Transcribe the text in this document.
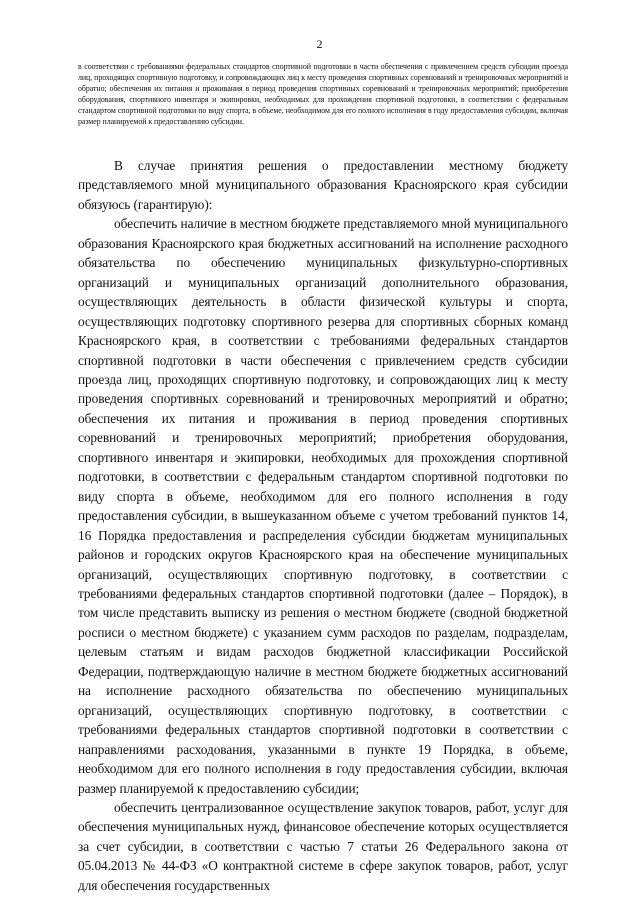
2
в соответствии с требованиями федеральных стандартов спортивной подготовки в части обеспечения с привлечением средств субсидии проезда лиц, проходящих спортивную подготовку, и сопровождающих лиц к месту проведения спортивных соревнований и тренировочных мероприятий и обратно; обеспечения их питания и проживания в период проведения спортивных соревнований и тренировочных мероприятий; приобретения оборудования, спортивного инвентаря и экипировки, необходимых для прохождения спортивной подготовки, в соответствии с федеральным стандартом спортивной подготовки по виду спорта, в объеме, необходимом для его полного исполнения в году предоставления субсидии, включая размер планируемой к предоставлению субсидии.

В случае принятия решения о предоставлении местному бюджету представляемого мной муниципального образования Красноярского края субсидии обязуюсь (гарантирую):

обеспечить наличие в местном бюджете представляемого мной муниципального образования Красноярского края бюджетных ассигнований на исполнение расходного обязательства по обеспечению муниципальных физкультурно-спортивных организаций и муниципальных организаций дополнительного образования, осуществляющих деятельность в области физической культуры и спорта, осуществляющих подготовку спортивного резерва для спортивных сборных команд Красноярского края, в соответствии с требованиями федеральных стандартов спортивной подготовки в части обеспечения с привлечением средств субсидии проезда лиц, проходящих спортивную подготовку, и сопровождающих лиц к месту проведения спортивных соревнований и тренировочных мероприятий и обратно; обеспечения их питания и проживания в период проведения спортивных соревнований и тренировочных мероприятий; приобретения оборудования, спортивного инвентаря и экипировки, необходимых для прохождения спортивной подготовки, в соответствии с федеральным стандартом спортивной подготовки по виду спорта в объеме, необходимом для его полного исполнения в году предоставления субсидии, в вышеуказанном объеме с учетом требований пунктов 14, 16 Порядка предоставления и распределения субсидии бюджетам муниципальных районов и городских округов Красноярского края на обеспечение муниципальных организаций, осуществляющих спортивную подготовку, в соответствии с требованиями федеральных стандартов спортивной подготовки (далее – Порядок), в том числе представить выписку из решения о местном бюджете (сводной бюджетной росписи о местном бюджете) с указанием сумм расходов по разделам, подразделам, целевым статьям и видам расходов бюджетной классификации Российской Федерации, подтверждающую наличие в местном бюджете бюджетных ассигнований на исполнение расходного обязательства по обеспечению муниципальных организаций, осуществляющих спортивную подготовку, в соответствии с требованиями федеральных стандартов спортивной подготовки в соответствии с направлениями расходования, указанными в пункте 19 Порядка, в объеме, необходимом для его полного исполнения в году предоставления субсидии, включая размер планируемой к предоставлению субсидии;

обеспечить централизованное осуществление закупок товаров, работ, услуг для обеспечения муниципальных нужд, финансовое обеспечение которых осуществляется за счет субсидии, в соответствии с частью 7 статьи 26 Федерального закона от 05.04.2013 № 44-ФЗ «О контрактной системе в сфере закупок товаров, работ, услуг для обеспечения государственных
